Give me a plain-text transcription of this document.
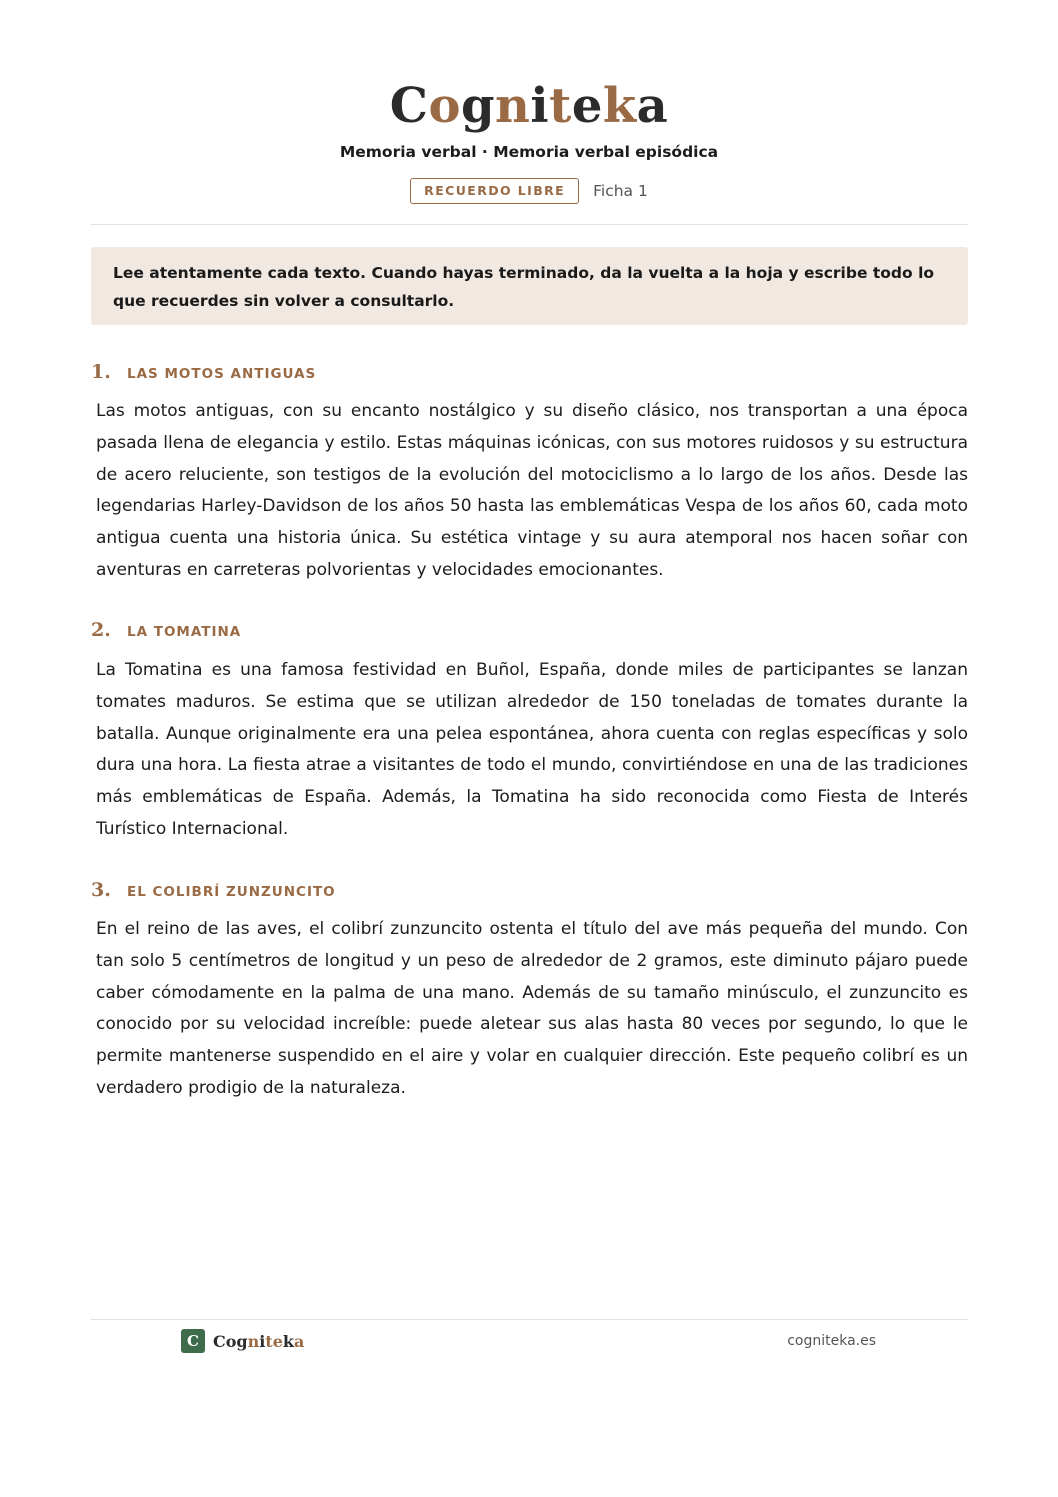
Cogniteka
Memoria verbal · Memoria verbal episódica
RECUERDO LIBRE	Ficha 1
Lee atentamente cada texto. Cuando hayas terminado, da la vuelta a la hoja y escribe todo lo que recuerdes sin volver a consultarlo.
1. LAS MOTOS ANTIGUAS

Las motos antiguas, con su encanto nostálgico y su diseño clásico, nos transportan a una época pasada llena de elegancia y estilo. Estas máquinas icónicas, con sus motores ruidosos y su estructura de acero reluciente, son testigos de la evolución del motociclismo a lo largo de los años. Desde las legendarias Harley-Davidson de los años 50 hasta las emblemáticas Vespa de los años 60, cada moto antigua cuenta una historia única. Su estética vintage y su aura atemporal nos hacen soñar con aventuras en carreteras polvorientas y velocidades emocionantes.

2. LA TOMATINA

La Tomatina es una famosa festividad en Buñol, España, donde miles de participantes se lanzan tomates maduros. Se estima que se utilizan alrededor de 150 toneladas de tomates durante la batalla. Aunque originalmente era una pelea espontánea, ahora cuenta con reglas específicas y solo dura una hora. La fiesta atrae a visitantes de todo el mundo, convirtiéndose en una de las tradiciones más emblemáticas de España. Además, la Tomatina ha sido reconocida como Fiesta de Interés Turístico Internacional.

3. EL COLIBRÍ ZUNZUNCITO

En el reino de las aves, el colibrí zunzuncito ostenta el título del ave más pequeña del mundo. Con tan solo 5 centímetros de longitud y un peso de alrededor de 2 gramos, este diminuto pájaro puede caber cómodamente en la palma de una mano. Además de su tamaño minúsculo, el zunzuncito es conocido por su velocidad increíble: puede aletear sus alas hasta 80 veces por segundo, lo que le permite mantenerse suspendido en el aire y volar en cualquier dirección. Este pequeño colibrí es un verdadero prodigio de la naturaleza.

C Cogniteka	cogniteka.es
